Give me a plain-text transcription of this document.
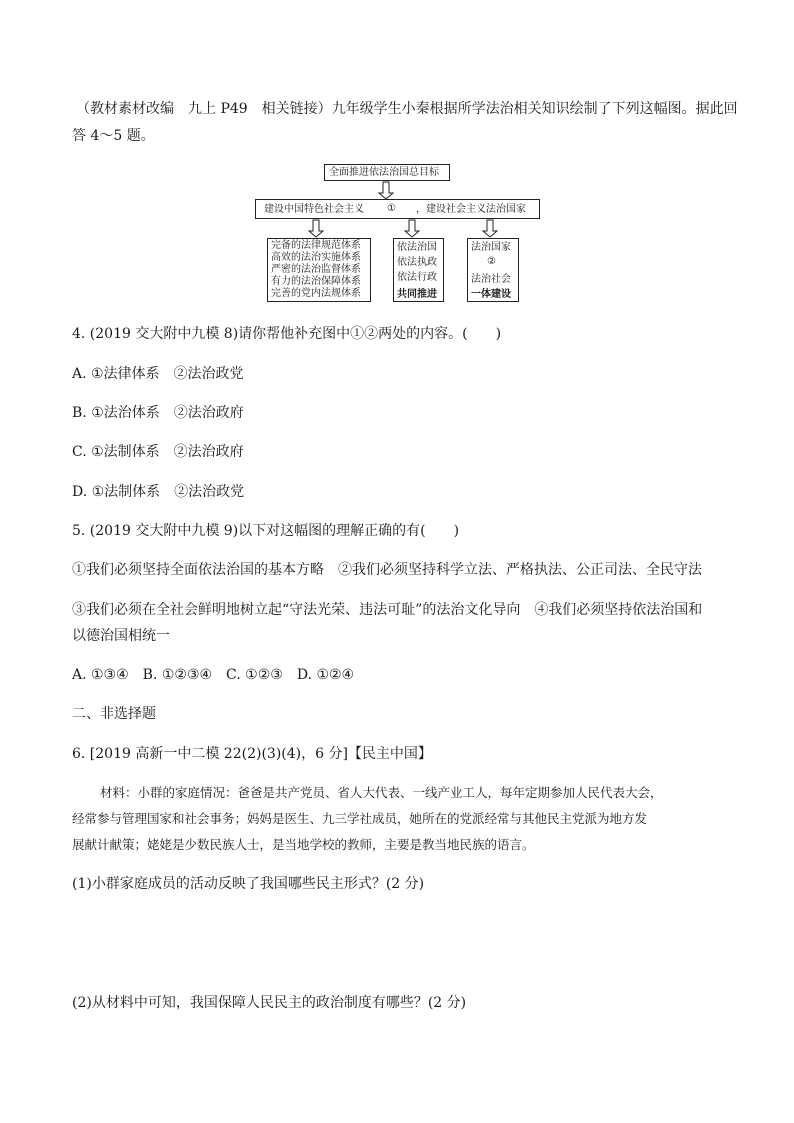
（教材素材改编　九上 P49　相关链接）九年级学生小秦根据所学法治相关知识绘制了下列这幅图。据此回
答 4～5 题。
全面推进依法治国总目标
建设中国特色社会主义 ① ，建设社会主义法治国家
完备的法律规范体系
高效的法治实施体系
严密的法治监督体系
有力的法治保障体系
完善的党内法规体系
依法治国
依法执政
依法行政
共同推进
法治国家
②
法治社会
一体建设
4. (2019 交大附中九模 8)请你帮他补充图中①②两处的内容。(　　)
A. ①法律体系　②法治政党
B. ①法治体系　②法治政府
C. ①法制体系　②法治政府
D. ①法制体系　②法治政党
5. (2019 交大附中九模 9)以下对这幅图的理解正确的有(　　)
①我们必须坚持全面依法治国的基本方略　②我们必须坚持科学立法、严格执法、公正司法、全民守法
③我们必须在全社会鲜明地树立起“守法光荣、违法可耻”的法治文化导向　④我们必须坚持依法治国和
以德治国相统一
A. ①③④　B. ①②③④　C. ①②③　D. ①②④
二、非选择题
6. [2019 高新一中二模 22(2)(3)(4)，6 分]【民主中国】
材料：小群的家庭情况：爸爸是共产党员、省人大代表、一线产业工人，每年定期参加人民代表大会，
经常参与管理国家和社会事务；妈妈是医生、九三学社成员，她所在的党派经常与其他民主党派为地方发
展献计献策；姥姥是少数民族人士，是当地学校的教师，主要是教当地民族的语言。
(1)小群家庭成员的活动反映了我国哪些民主形式？(2 分)
(2)从材料中可知，我国保障人民民主的政治制度有哪些？(2 分)
